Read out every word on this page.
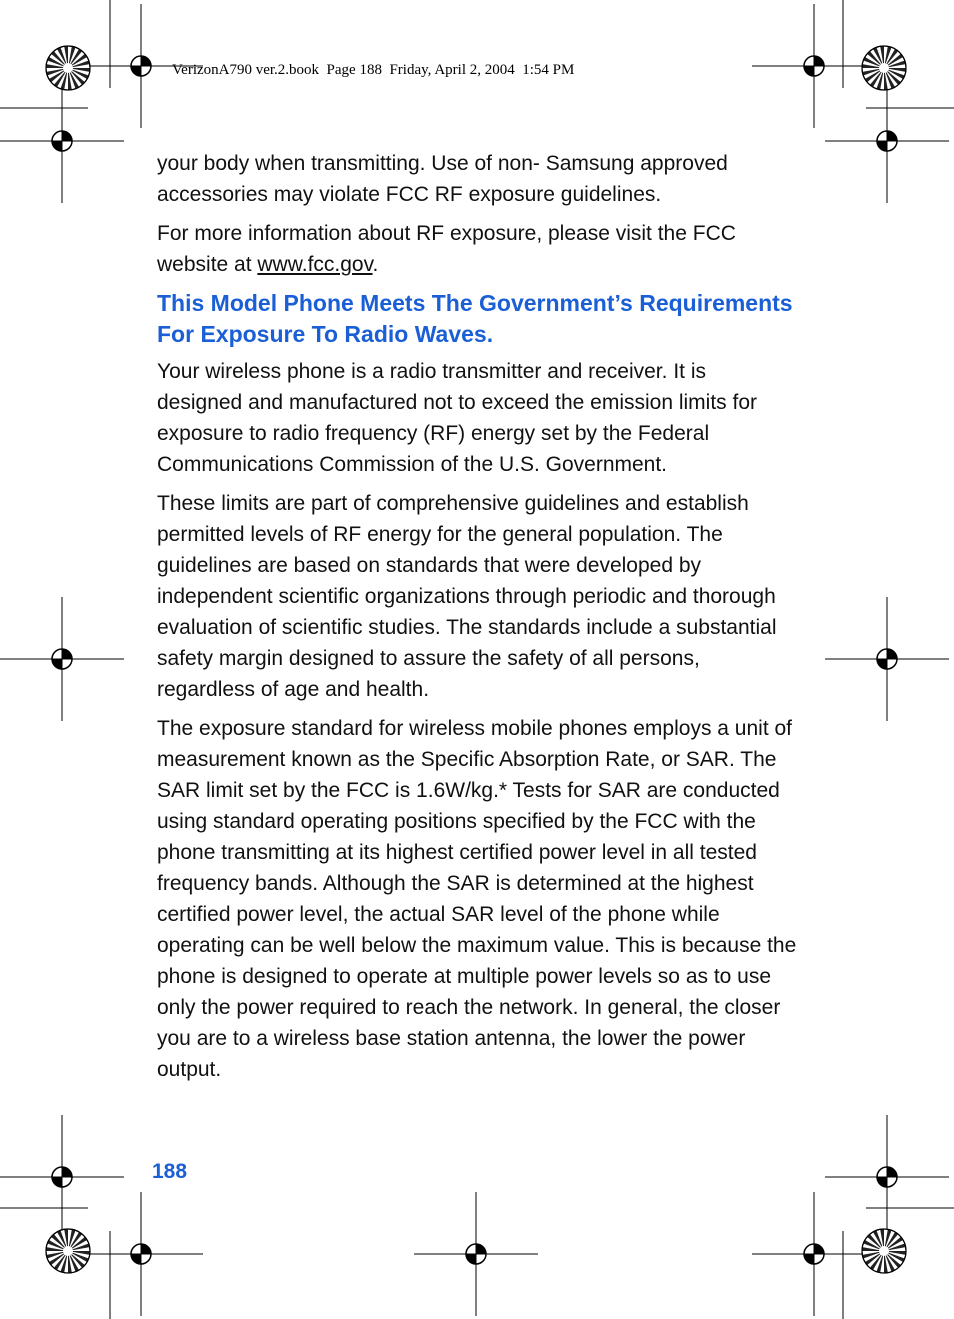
VerizonA790 ver.2.book  Page 188  Friday, April 2, 2004  1:54 PM

your body when transmitting. Use of non- Samsung approved accessories may violate FCC RF exposure guidelines.

For more information about RF exposure, please visit the FCC website at www.fcc.gov.

This Model Phone Meets The Government’s Requirements For Exposure To Radio Waves.

Your wireless phone is a radio transmitter and receiver. It is designed and manufactured not to exceed the emission limits for exposure to radio frequency (RF) energy set by the Federal Communications Commission of the U.S. Government.

These limits are part of comprehensive guidelines and establish permitted levels of RF energy for the general population. The guidelines are based on standards that were developed by independent scientific organizations through periodic and thorough evaluation of scientific studies. The standards include a substantial safety margin designed to assure the safety of all persons, regardless of age and health.

The exposure standard for wireless mobile phones employs a unit of measurement known as the Specific Absorption Rate, or SAR. The SAR limit set by the FCC is 1.6W/kg.* Tests for SAR are conducted using standard operating positions specified by the FCC with the phone transmitting at its highest certified power level in all tested frequency bands. Although the SAR is determined at the highest certified power level, the actual SAR level of the phone while operating can be well below the maximum value. This is because the phone is designed to operate at multiple power levels so as to use only the power required to reach the network. In general, the closer you are to a wireless base station antenna, the lower the power output.

188
